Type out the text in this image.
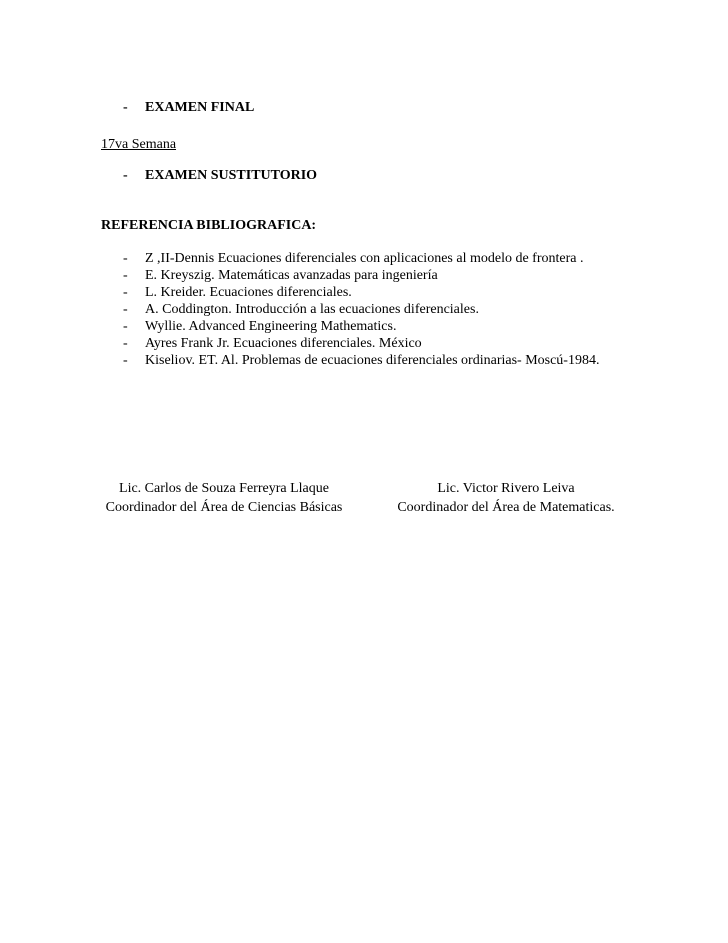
- EXAMEN FINAL
17va Semana
- EXAMEN SUSTITUTORIO
REFERENCIA BIBLIOGRAFICA:
- Z ,II-Dennis Ecuaciones diferenciales con aplicaciones al modelo de frontera .
- E. Kreyszig. Matemáticas avanzadas para ingeniería
- L. Kreider. Ecuaciones diferenciales.
- A. Coddington. Introducción a las ecuaciones diferenciales.
- Wyllie. Advanced Engineering Mathematics.
- Ayres Frank Jr. Ecuaciones diferenciales. México
- Kiseliov. ET. Al. Problemas de ecuaciones diferenciales ordinarias- Moscú-1984.
Lic. Carlos de Souza Ferreyra Llaque
Coordinador del Área de Ciencias Básicas
Lic. Victor Rivero Leiva
Coordinador del Área de Matematicas.
